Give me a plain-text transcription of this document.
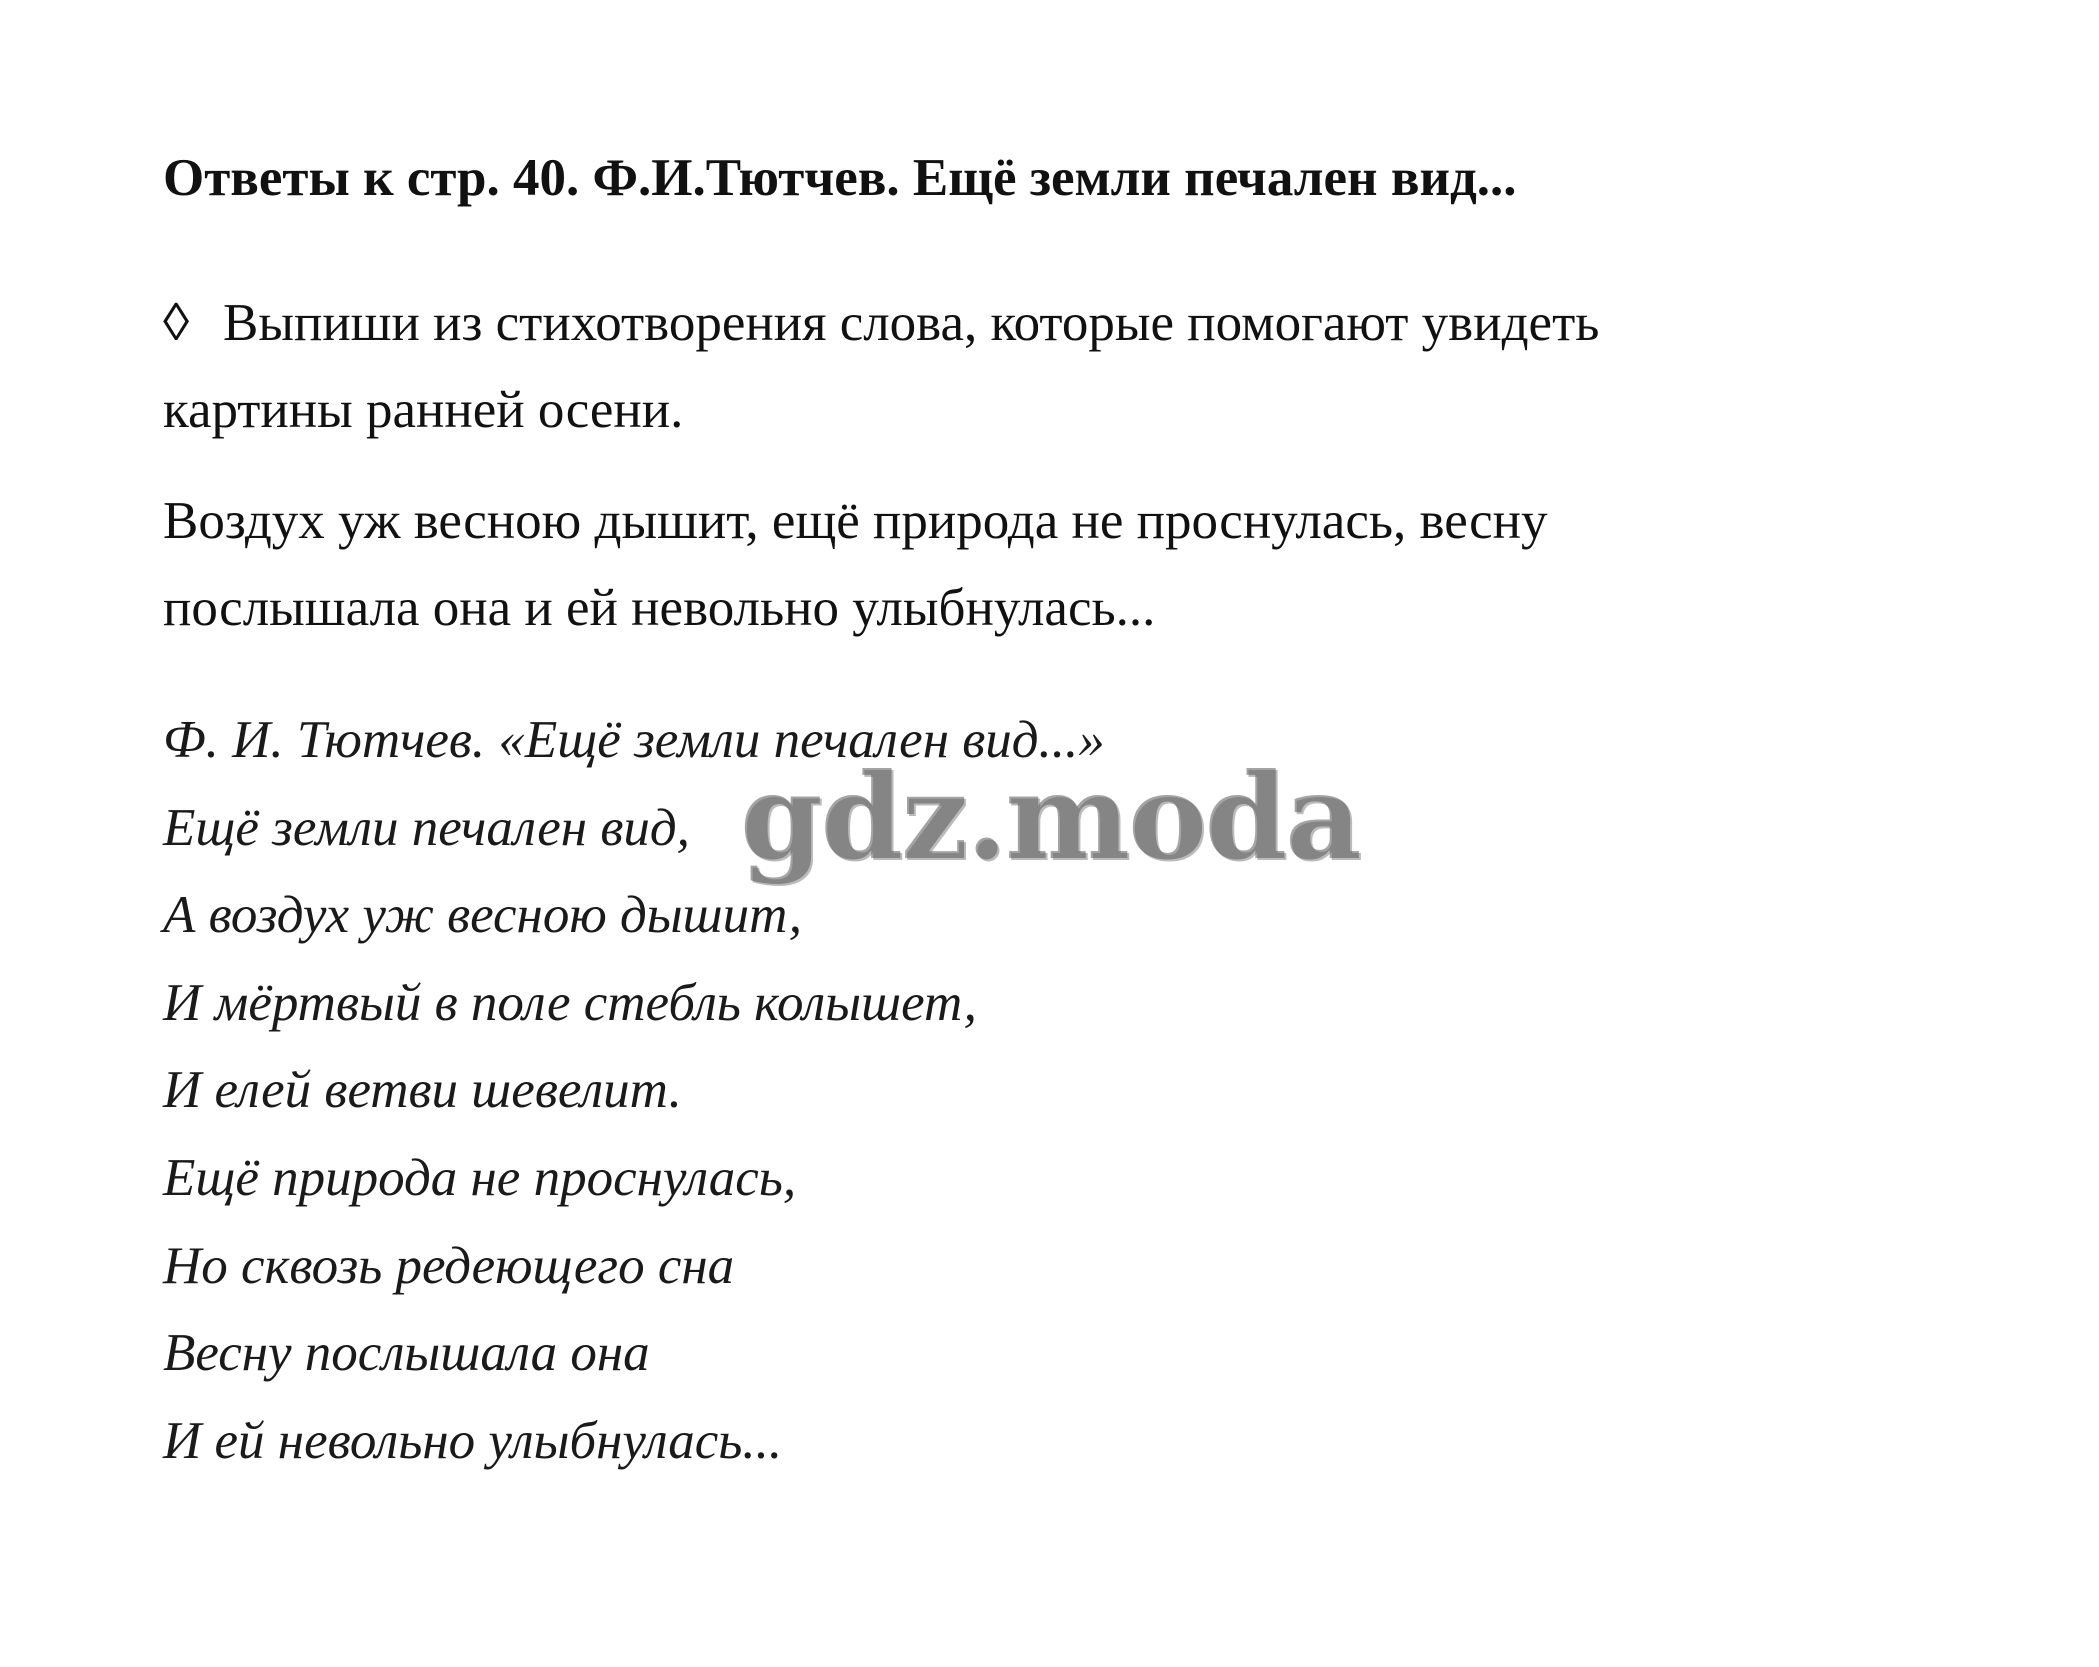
Ответы к стр. 40. Ф.И.Тютчев. Ещё земли печален вид...

◊ Выпиши из стихотворения слова, которые помогают увидеть
картины ранней осени.

Воздух уж весною дышит, ещё природа не проснулась, весну
послышала она и ей невольно улыбнулась...

Ф. И. Тютчев. «Ещё земли печален вид...»
Ещё земли печален вид,
А воздух уж весною дышит,
И мёртвый в поле стебль колышет,
И елей ветви шевелит.
Ещё природа не проснулась,
Но сквозь редеющего сна
Весну послышала она
И ей невольно улыбнулась...
gdz.moda
